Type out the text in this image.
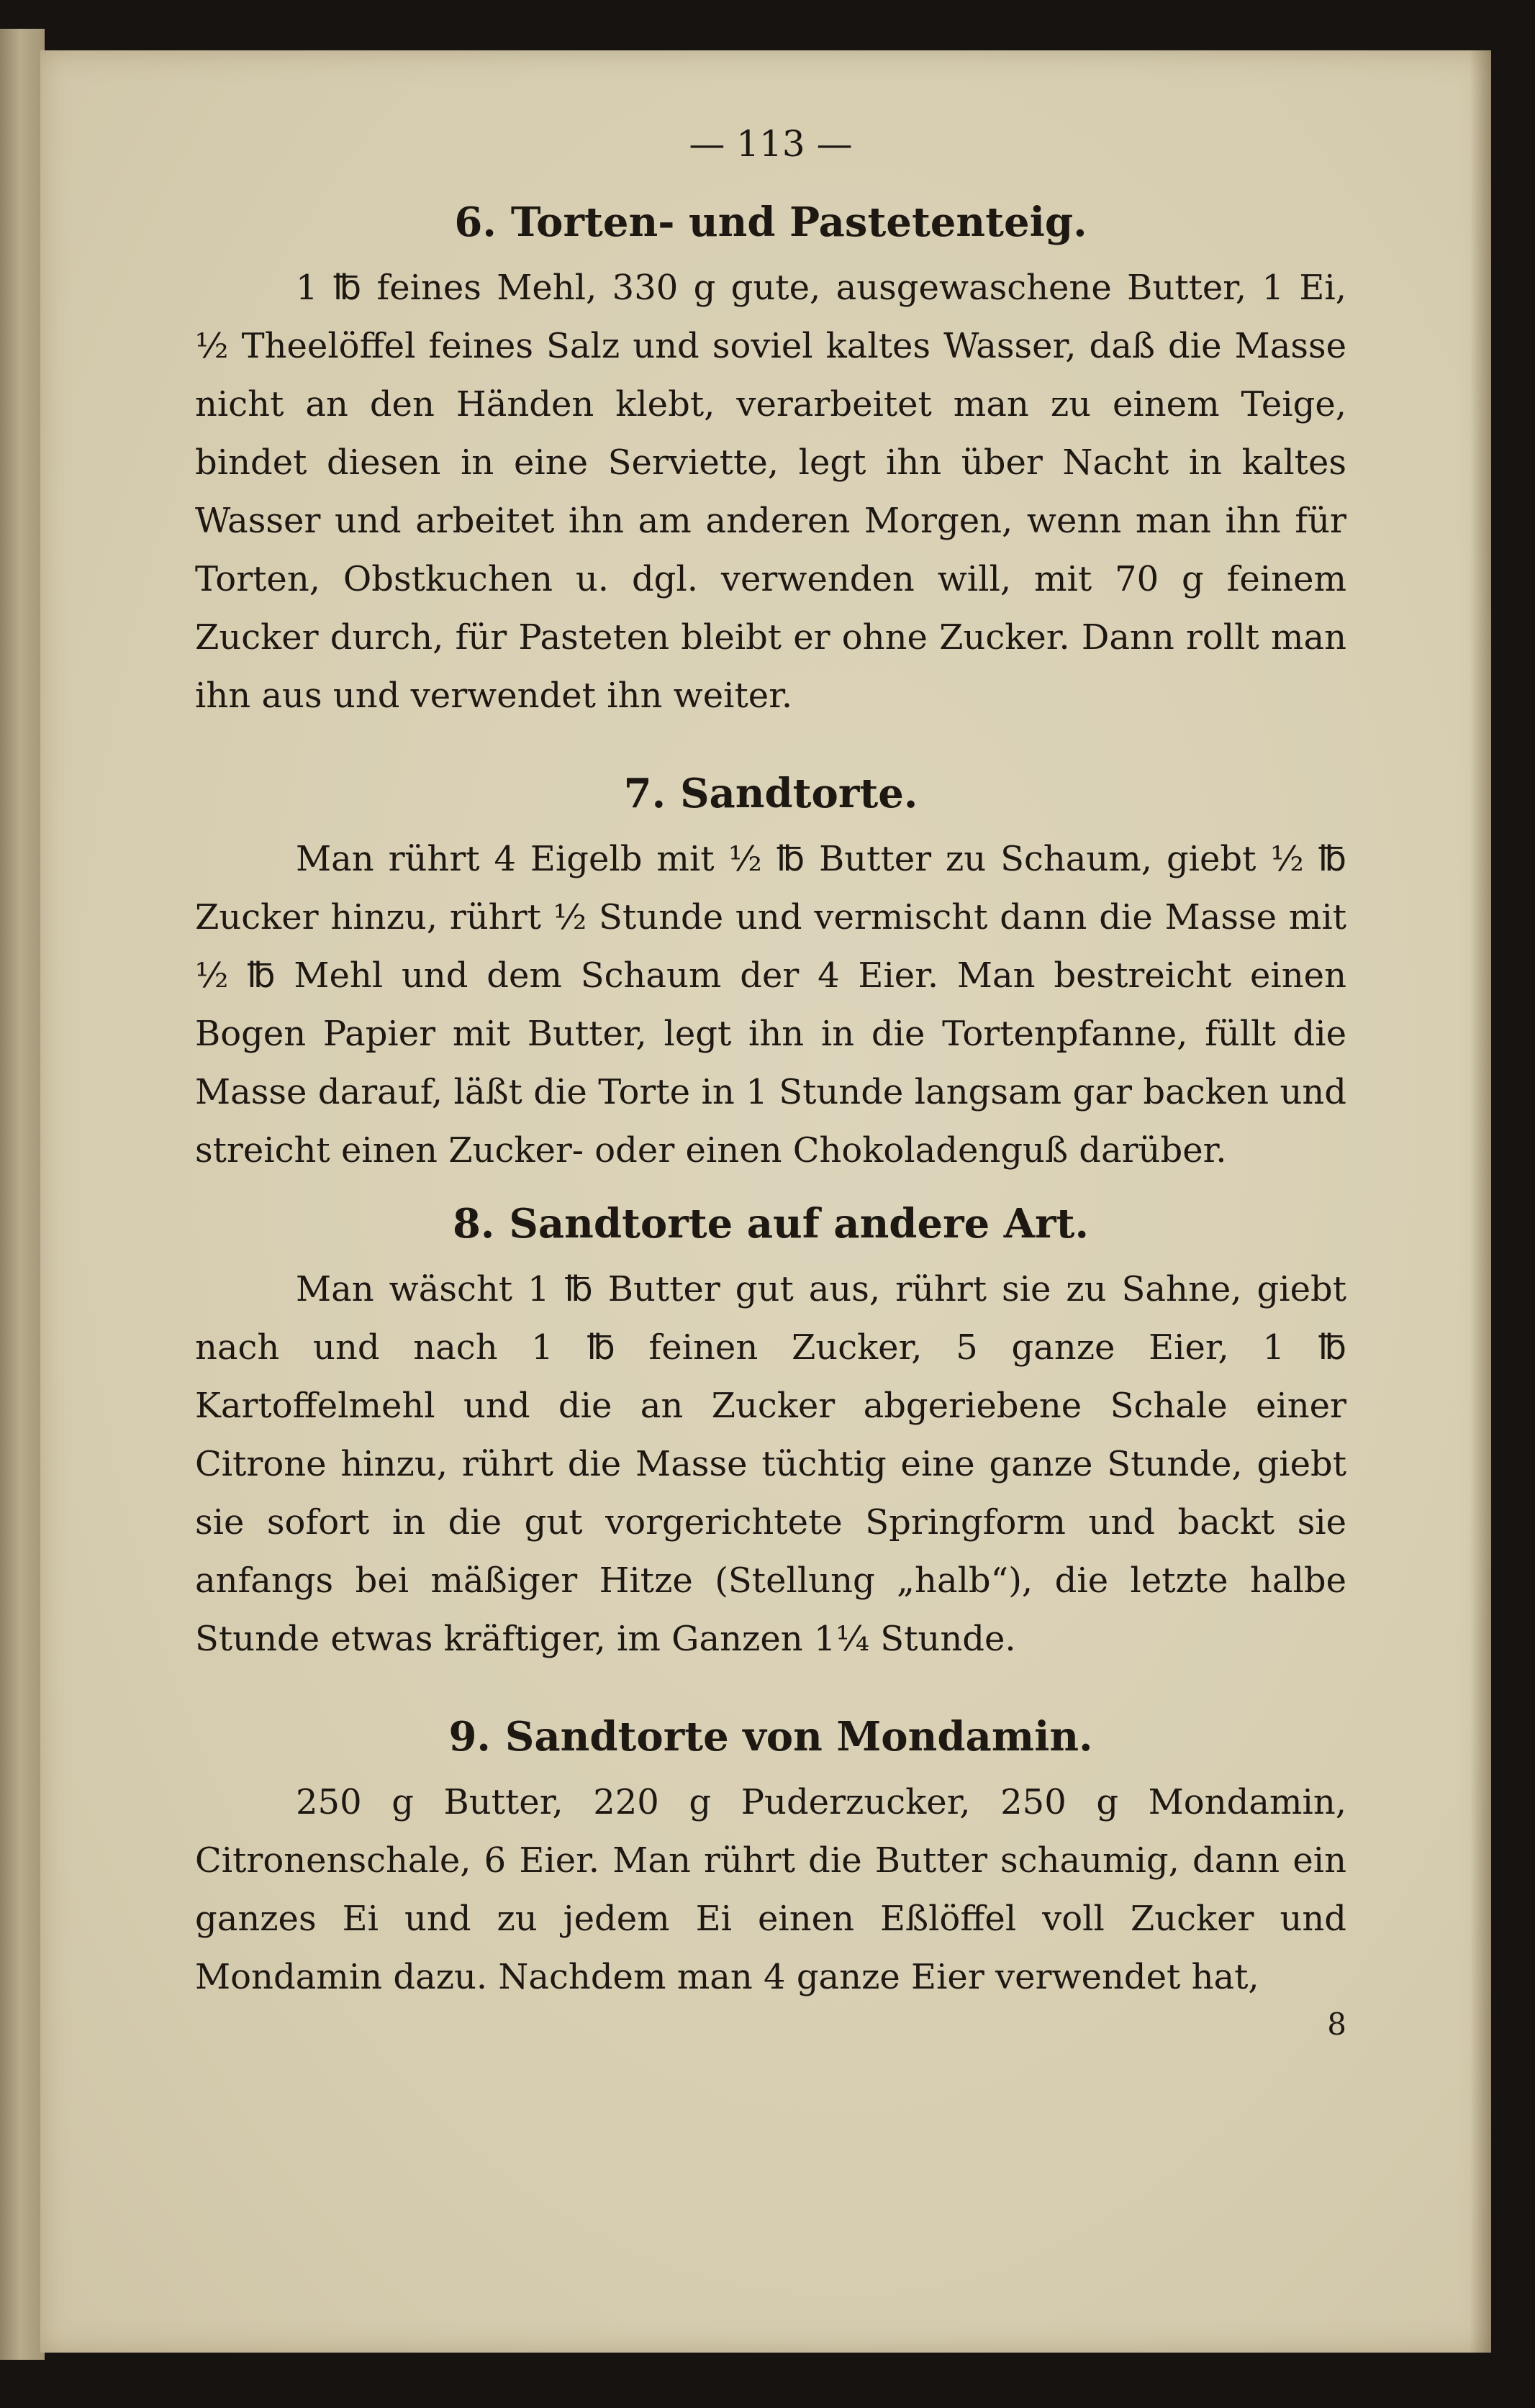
— 113 —
6. Torten- und Pastetenteig.

1 ℔ feines Mehl, 330 g gute, ausgewaschene Butter, 1 Ei, ½ Theelöffel feines Salz und soviel kaltes Wasser, daß die Masse nicht an den Händen klebt, verarbeitet man zu einem Teige, bindet diesen in eine Serviette, legt ihn über Nacht in kaltes Wasser und arbeitet ihn am anderen Morgen, wenn man ihn für Torten, Obstkuchen u. dgl. verwenden will, mit 70 g feinem Zucker durch, für Pasteten bleibt er ohne Zucker. Dann rollt man ihn aus und verwendet ihn weiter.

7. Sandtorte.

Man rührt 4 Eigelb mit ½ ℔ Butter zu Schaum, giebt ½ ℔ Zucker hinzu, rührt ½ Stunde und vermischt dann die Masse mit ½ ℔ Mehl und dem Schaum der 4 Eier. Man bestreicht einen Bogen Papier mit Butter, legt ihn in die Tortenpfanne, füllt die Masse darauf, läßt die Torte in 1 Stunde langsam gar backen und streicht einen Zucker- oder einen Chokoladenguß darüber.

8. Sandtorte auf andere Art.

Man wäscht 1 ℔ Butter gut aus, rührt sie zu Sahne, giebt nach und nach 1 ℔ feinen Zucker, 5 ganze Eier, 1 ℔ Kartoffelmehl und die an Zucker abgeriebene Schale einer Citrone hinzu, rührt die Masse tüchtig eine ganze Stunde, giebt sie sofort in die gut vorgerichtete Springform und backt sie anfangs bei mäßiger Hitze (Stellung „halb“), die letzte halbe Stunde etwas kräftiger, im Ganzen 1¼ Stunde.

9. Sandtorte von Mondamin.

250 g Butter, 220 g Puderzucker, 250 g Mondamin, Citronenschale, 6 Eier. Man rührt die Butter schaumig, dann ein ganzes Ei und zu jedem Ei einen Eßlöffel voll Zucker und Mondamin dazu. Nachdem man 4 ganze Eier verwendet hat,

8
